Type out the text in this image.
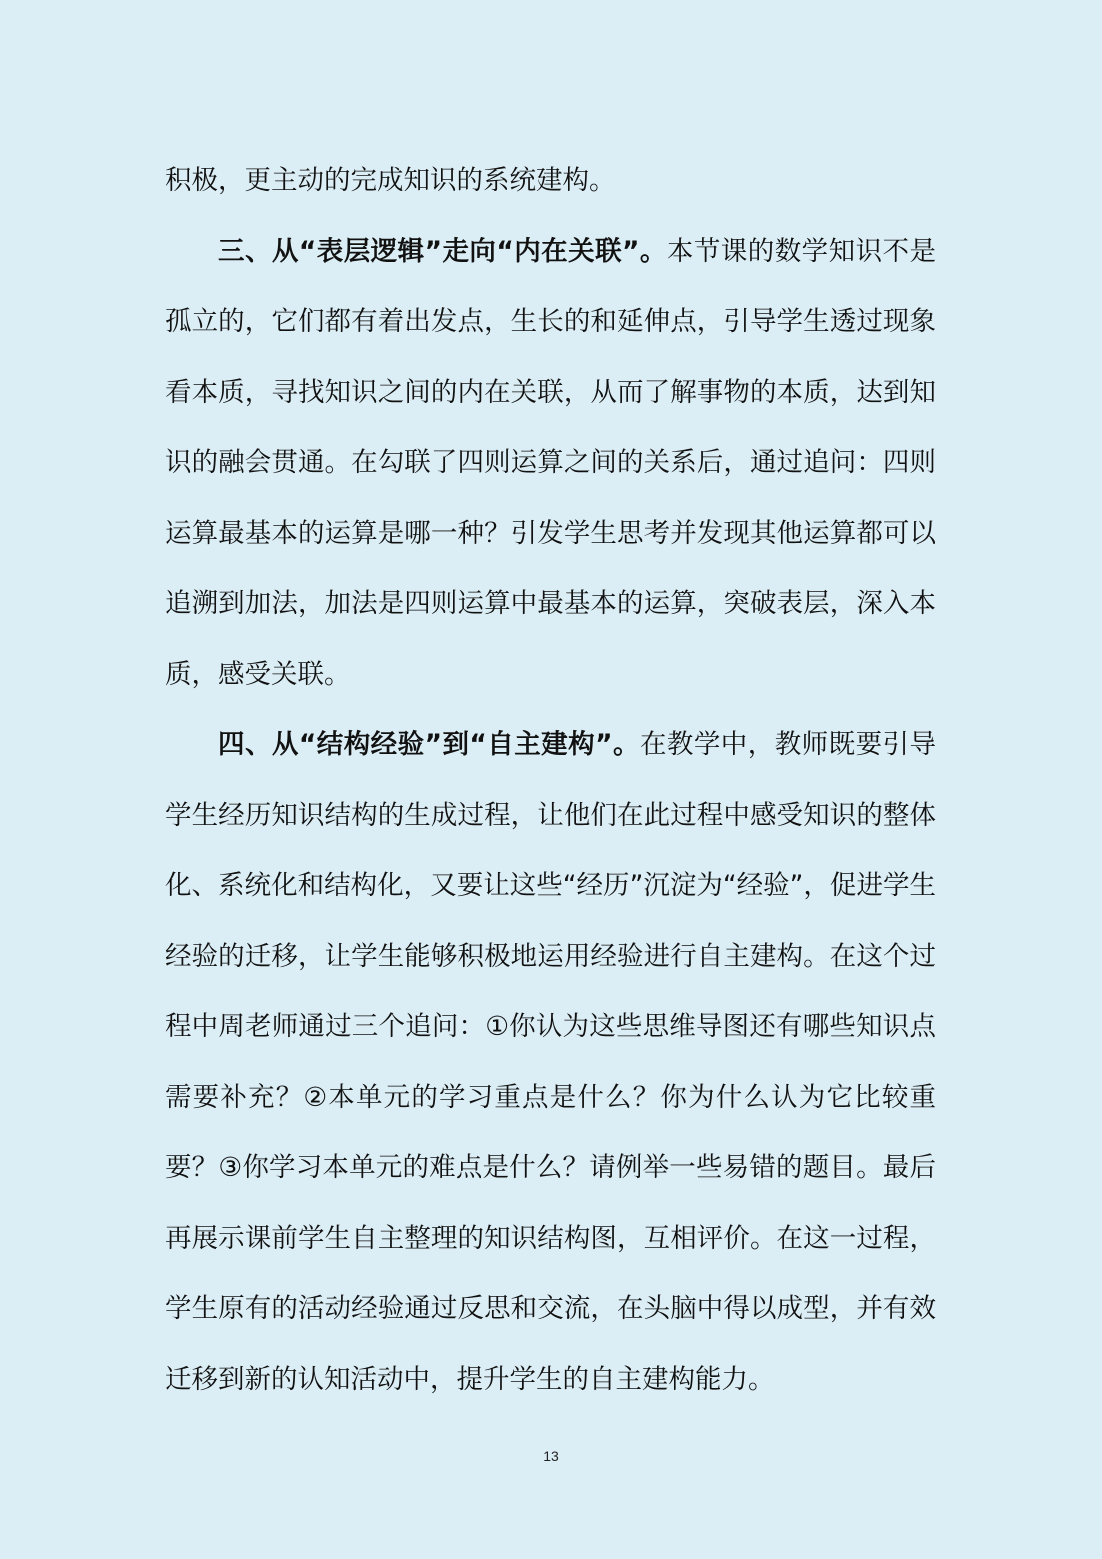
积极，更主动的完成知识的系统建构。

三、从“表层逻辑”走向“内在关联”。本节课的数学知识不是孤立的，它们都有着出发点，生长的和延伸点，引导学生透过现象看本质，寻找知识之间的内在关联，从而了解事物的本质，达到知识的融会贯通。在勾联了四则运算之间的关系后，通过追问：四则运算最基本的运算是哪一种？引发学生思考并发现其他运算都可以追溯到加法，加法是四则运算中最基本的运算，突破表层，深入本质，感受关联。

四、从“结构经验”到“自主建构”。在教学中，教师既要引导学生经历知识结构的生成过程，让他们在此过程中感受知识的整体化、系统化和结构化，又要让这些“经历”沉淀为“经验”，促进学生经验的迁移，让学生能够积极地运用经验进行自主建构。在这个过程中周老师通过三个追问：①你认为这些思维导图还有哪些知识点需要补充？②本单元的学习重点是什么？你为什么认为它比较重要？③你学习本单元的难点是什么？请例举一些易错的题目。最后再展示课前学生自主整理的知识结构图，互相评价。在这一过程，学生原有的活动经验通过反思和交流，在头脑中得以成型，并有效迁移到新的认知活动中，提升学生的自主建构能力。

13
